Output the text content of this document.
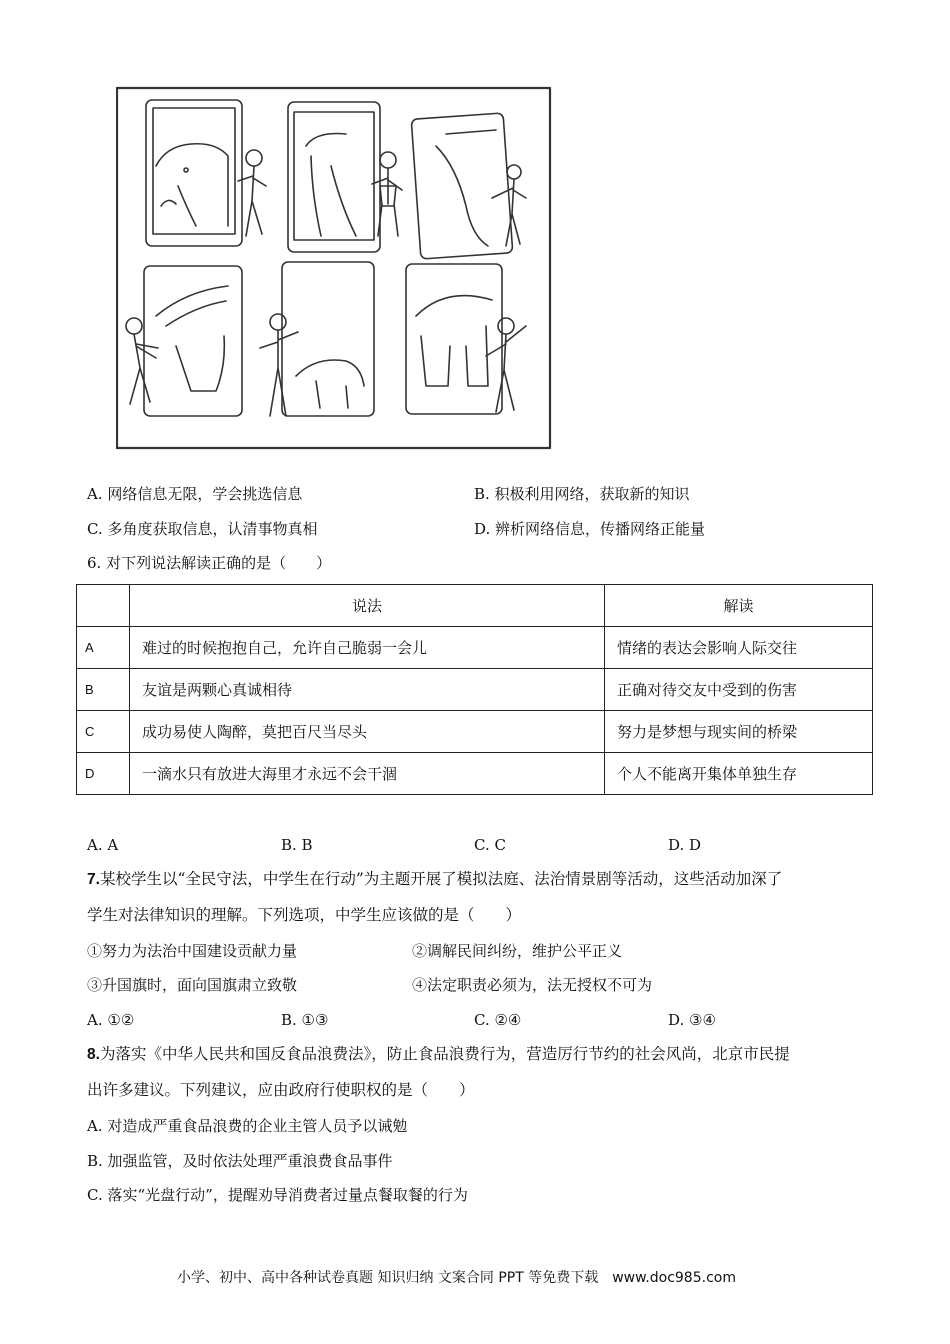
A. 网络信息无限，学会挑选信息	B. 积极利用网络，获取新的知识
C. 多角度获取信息，认清事物真相	D. 辨析网络信息，传播网络正能量
6. 对下列说法解读正确的是（　　）
	说法	解读
A	难过的时候抱抱自己，允许自己脆弱一会儿	情绪的表达会影响人际交往
B	友谊是两颗心真诚相待	正确对待交友中受到的伤害
C	成功易使人陶醉，莫把百尺当尽头	努力是梦想与现实间的桥梁
D	一滴水只有放进大海里才永远不会干涸	个人不能离开集体单独生存
A. A	B. B	C. C	D. D
7.某校学生以“全民守法，中学生在行动”为主题开展了模拟法庭、法治情景剧等活动，这些活动加深了
学生对法律知识的理解。下列选项，中学生应该做的是（　　）
①努力为法治中国建设贡献力量	②调解民间纠纷，维护公平正义
③升国旗时，面向国旗肃立致敬	④法定职责必须为，法无授权不可为
A. ①②	B. ①③	C. ②④	D. ③④
8.为落实《中华人民共和国反食品浪费法》，防止食品浪费行为，营造厉行节约的社会风尚，北京市民提
出许多建议。下列建议，应由政府行使职权的是（　　）
A. 对造成严重食品浪费的企业主管人员予以诫勉
B. 加强监管，及时依法处理严重浪费食品事件
C. 落实“光盘行动”，提醒劝导消费者过量点餐取餐的行为
小学、初中、高中各种试卷真题 知识归纳 文案合同 PPT 等免费下载　www.doc985.com
